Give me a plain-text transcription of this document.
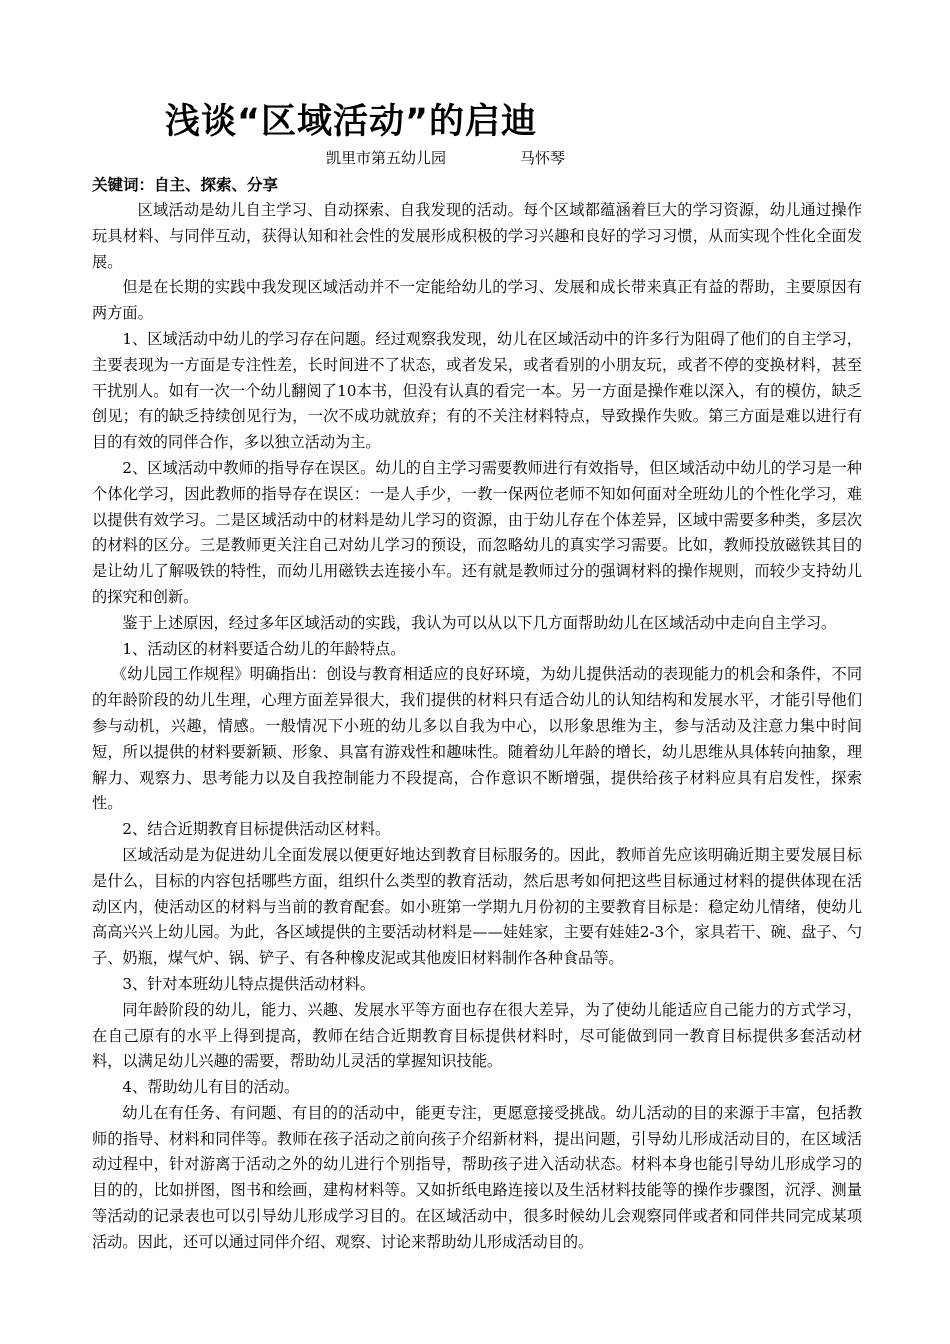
浅谈“区域活动”的启迪
凯里市第五幼儿园	马怀琴
关键词：自主、探索、分享

区域活动是幼儿自主学习、自动探索、自我发现的活动。每个区域都蕴涵着巨大的学习资源，幼儿通过操作玩具材料、与同伴互动，获得认知和社会性的发展形成积极的学习兴趣和良好的学习习惯，从而实现个性化全面发展。

但是在长期的实践中我发现区域活动并不一定能给幼儿的学习、发展和成长带来真正有益的帮助，主要原因有两方面。

1、区域活动中幼儿的学习存在问题。经过观察我发现，幼儿在区域活动中的许多行为阻碍了他们的自主学习，主要表现为一方面是专注性差，长时间进不了状态，或者发呆，或者看别的小朋友玩，或者不停的变换材料，甚至干扰别人。如有一次一个幼儿翻阅了10本书，但没有认真的看完一本。另一方面是操作难以深入，有的模仿，缺乏创见；有的缺乏持续创见行为，一次不成功就放弃；有的不关注材料特点，导致操作失败。第三方面是难以进行有目的有效的同伴合作，多以独立活动为主。

2、区域活动中教师的指导存在误区。幼儿的自主学习需要教师进行有效指导，但区域活动中幼儿的学习是一种个体化学习，因此教师的指导存在误区：一是人手少，一教一保两位老师不知如何面对全班幼儿的个性化学习，难以提供有效学习。二是区域活动中的材料是幼儿学习的资源，由于幼儿存在个体差异，区域中需要多种类，多层次的材料的区分。三是教师更关注自己对幼儿学习的预设，而忽略幼儿的真实学习需要。比如，教师投放磁铁其目的是让幼儿了解吸铁的特性，而幼儿用磁铁去连接小车。还有就是教师过分的强调材料的操作规则，而较少支持幼儿的探究和创新。

鉴于上述原因，经过多年区域活动的实践，我认为可以从以下几方面帮助幼儿在区域活动中走向自主学习。

1、活动区的材料要适合幼儿的年龄特点。

《幼儿园工作规程》明确指出：创设与教育相适应的良好环境，为幼儿提供活动的表现能力的机会和条件，不同的年龄阶段的幼儿生理，心理方面差异很大，我们提供的材料只有适合幼儿的认知结构和发展水平，才能引导他们参与动机，兴趣，情感。一般情况下小班的幼儿多以自我为中心，以形象思维为主，参与活动及注意力集中时间短，所以提供的材料要新颖、形象、具富有游戏性和趣味性。随着幼儿年龄的增长，幼儿思维从具体转向抽象，理解力、观察力、思考能力以及自我控制能力不段提高，合作意识不断增强，提供给孩子材料应具有启发性，探索性。

2、结合近期教育目标提供活动区材料。

区域活动是为促进幼儿全面发展以便更好地达到教育目标服务的。因此，教师首先应该明确近期主要发展目标是什么，目标的内容包括哪些方面，组织什么类型的教育活动，然后思考如何把这些目标通过材料的提供体现在活动区内，使活动区的材料与当前的教育配套。如小班第一学期九月份初的主要教育目标是：稳定幼儿情绪，使幼儿高高兴兴上幼儿园。为此，各区域提供的主要活动材料是——娃娃家，主要有娃娃2-3个，家具若干、碗、盘子、勺子、奶瓶，煤气炉、锅、铲子、有各种橡皮泥或其他废旧材料制作各种食品等。

3、针对本班幼儿特点提供活动材料。

同年龄阶段的幼儿，能力、兴趣、发展水平等方面也存在很大差异，为了使幼儿能适应自己能力的方式学习，在自己原有的水平上得到提高，教师在结合近期教育目标提供材料时，尽可能做到同一教育目标提供多套活动材料，以满足幼儿兴趣的需要，帮助幼儿灵活的掌握知识技能。

4、帮助幼儿有目的活动。

幼儿在有任务、有问题、有目的的活动中，能更专注，更愿意接受挑战。幼儿活动的目的来源于丰富，包括教师的指导、材料和同伴等。教师在孩子活动之前向孩子介绍新材料，提出问题，引导幼儿形成活动目的，在区域活动过程中，针对游离于活动之外的幼儿进行个别指导，帮助孩子进入活动状态。材料本身也能引导幼儿形成学习的目的的，比如拼图，图书和绘画，建构材料等。又如折纸电路连接以及生活材料技能等的操作步骤图，沉浮、测量等活动的记录表也可以引导幼儿形成学习目的。在区域活动中，很多时候幼儿会观察同伴或者和同伴共同完成某项活动。因此，还可以通过同伴介绍、观察、讨论来帮助幼儿形成活动目的。
